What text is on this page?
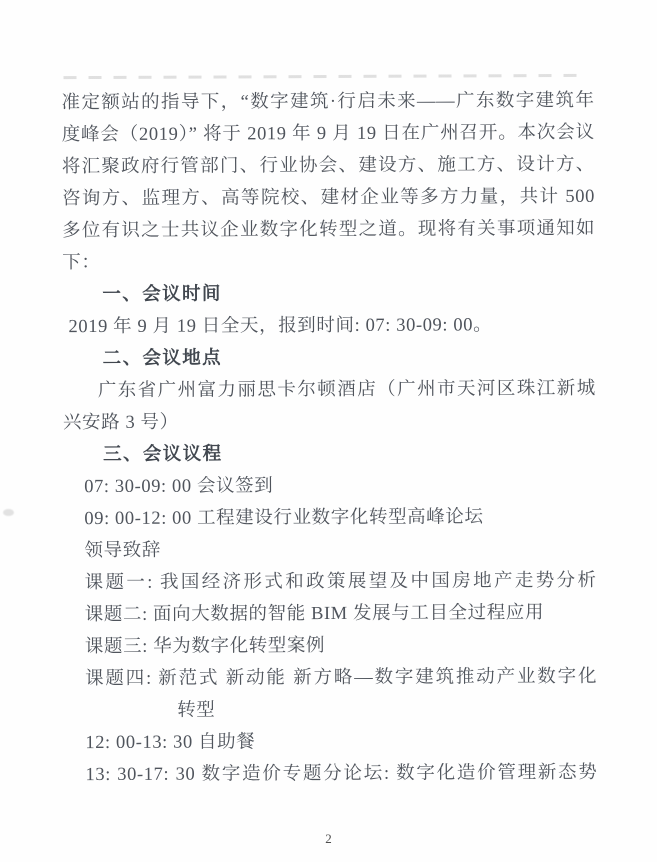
准定额站的指导下，“数字建筑·行启未来——广东数字建筑年

度峰会（2019）” 将于 2019 年 9 月 19 日在广州召开。本次会议

将汇聚政府行管部门、行业协会、建设方、施工方、设计方、

咨询方、监理方、高等院校、建材企业等多方力量，共计 500

多位有识之士共议企业数字化转型之道。现将有关事项通知如

下：

一、会议时间

2019 年 9 月 19 日全天，报到时间: 07: 30-09: 00。

二、会议地点

广东省广州富力丽思卡尔顿酒店（广州市天河区珠江新城

兴安路 3 号）

三、会议议程

07: 30-09: 00 会议签到

09: 00-12: 00 工程建设行业数字化转型高峰论坛

领导致辞

课题一: 我国经济形式和政策展望及中国房地产走势分析

课题二: 面向大数据的智能 BIM 发展与工目全过程应用

课题三: 华为数字化转型案例

课题四: 新范式 新动能 新方略—数字建筑推动产业数字化

转型

12: 00-13: 30 自助餐

13: 30-17: 30 数字造价专题分论坛: 数字化造价管理新态势

2
